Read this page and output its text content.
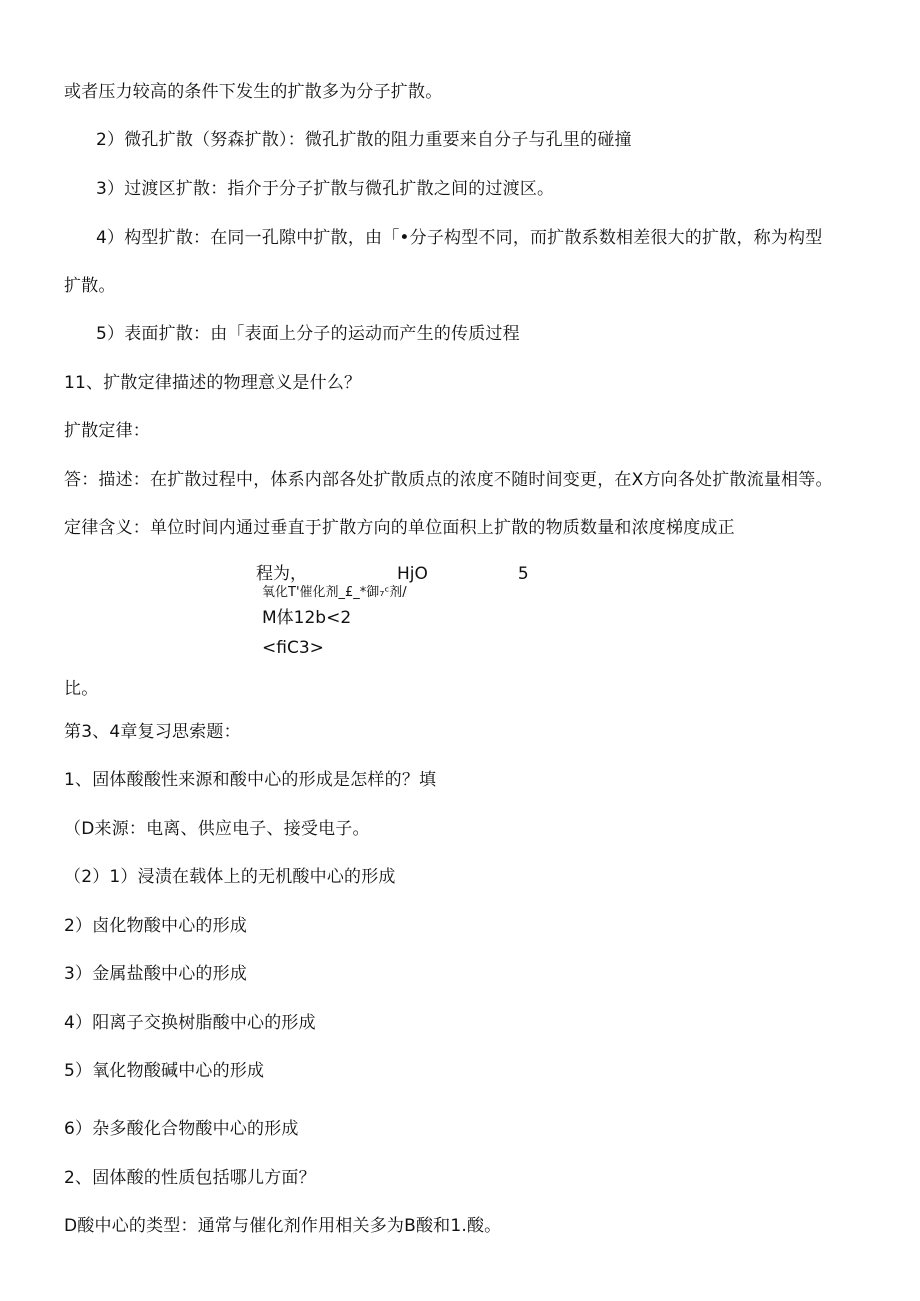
或者压力较高的条件下发生的扩散多为分子扩散。

2）微孔扩散（努森扩散）：微孔扩散的阻力重要来自分子与孔里的碰撞

3）过渡区扩散：指介于分子扩散与微孔扩散之间的过渡区。

4）构型扩散：在同一孔隙中扩散，由「•分子构型不同，而扩散系数相差很大的扩散，称为构型

扩散。

5）表面扩散：由「表面上分子的运动而产生的传质过程

11、扩散定律描述的物理意义是什么？

扩散定律：

答：描述：在扩散过程中，体系内部各处扩散质点的浓度不随时间变更，在X方向各处扩散流量相等。

定律含义：单位时间内通过垂直于扩散方向的单位面积上扩散的物质数量和浓度梯度成正

程为，	HjO	5
氧化T'催化剂_£_*御₇ᶜ剂/
M体12b<2
<fiC3>

比。

第3、4章复习思索题：

1、固体酸酸性来源和酸中心的形成是怎样的？填

（D来源：电离、供应电子、接受电子。

（2）1）浸渍在载体上的无机酸中心的形成

2）卤化物酸中心的形成

3）金属盐酸中心的形成

4）阳离子交换树脂酸中心的形成

5）氧化物酸碱中心的形成

6）杂多酸化合物酸中心的形成

2、固体酸的性质包括哪儿方面？

D酸中心的类型：通常与催化剂作用相关多为B酸和1.酸。
